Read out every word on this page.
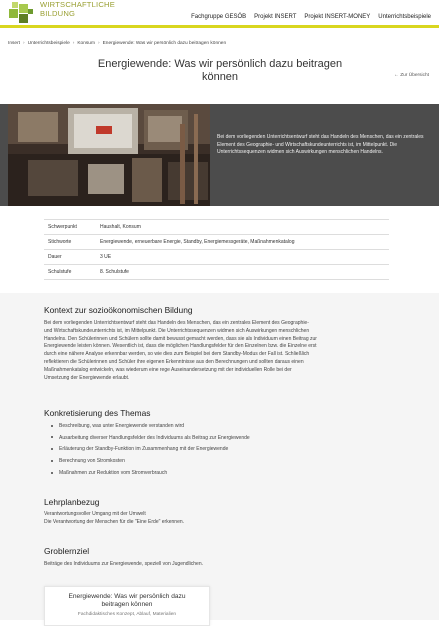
WIRTSCHAFTLICHE
BILDUNG	Fachgruppe GESÖB Projekt INSERT Projekt INSERT-MONEY Unterrichtsbeispiele
Insert › Unterrichtsbeispiele › Konsum › Energiewende: Was wir persönlich dazu beitragen können
Energiewende: Was wir persönlich dazu beitragen
können	← Zur Übersicht
Bei dem vorliegenden Unterrichtsentwurf steht das Handeln des Menschen, das ein zentrales Element des Geographie- und Wirtschaftskundeunterrichts ist, im Mittelpunkt. Die Unterrichtssequenzen widmen sich Auswirkungen menschlichen Handelns.
Schwerpunkt	Haushalt, Konsum
Stichworte	Energiewende, erneuerbare Energie, Standby, Energiemessgeräte, Maßnahmenkatalog
Dauer	3 UE
Schulstufe	8. Schulstufe
Kontext zur sozioökonomischen Bildung
Bei dem vorliegenden Unterrichtsentwurf steht das Handeln des Menschen, das ein zentrales Element des Geographie-
und Wirtschaftskundeunterrichts ist, im Mittelpunkt. Die Unterrichtssequenzen widmen sich Auswirkungen menschlichen
Handelns. Den Schülerinnen und Schülern sollte damit bewusst gemacht werden, dass sie als Individuum einen Beitrag zur
Energiewende leisten können. Wesentlich ist, dass die möglichen Handlungsfelder für den Einzelnen bzw. die Einzelne erst
durch eine nähere Analyse erkennbar werden, so wie dies zum Beispiel bei dem Standby-Modus der Fall ist. Schließlich
reflektieren die Schülerinnen und Schüler ihre eigenen Erkenntnisse aus den Berechnungen und sollten daraus einen
Maßnahmenkatalog entwickeln, was wiederum eine rege Auseinandersetzung mit der individuellen Rolle bei der
Umsetzung der Energiewende erlaubt.
Konkretisierung des Themas
Beschreibung, was unter Energiewende verstanden wird
Ausarbeitung diverser Handlungsfelder des Individuums als Beitrag zur Energiewende
Erläuterung der Standby-Funktion im Zusammenhang mit der Energiewende
Berechnung von Stromkosten
Maßnahmen zur Reduktion vom Stromverbrauch
Lehrplanbezug
Verantwortungsvoller Umgang mit der Umwelt
Die Verantwortung der Menschen für die "Eine Erde" erkennen.
Groblernziel
Beiträge des Individuums zur Energiewende, speziell von Jugendlichen.
Energiewende: Was wir persönlich dazu
beitragen können
Fachdidaktisches Konzept, Ablauf, Materialien
